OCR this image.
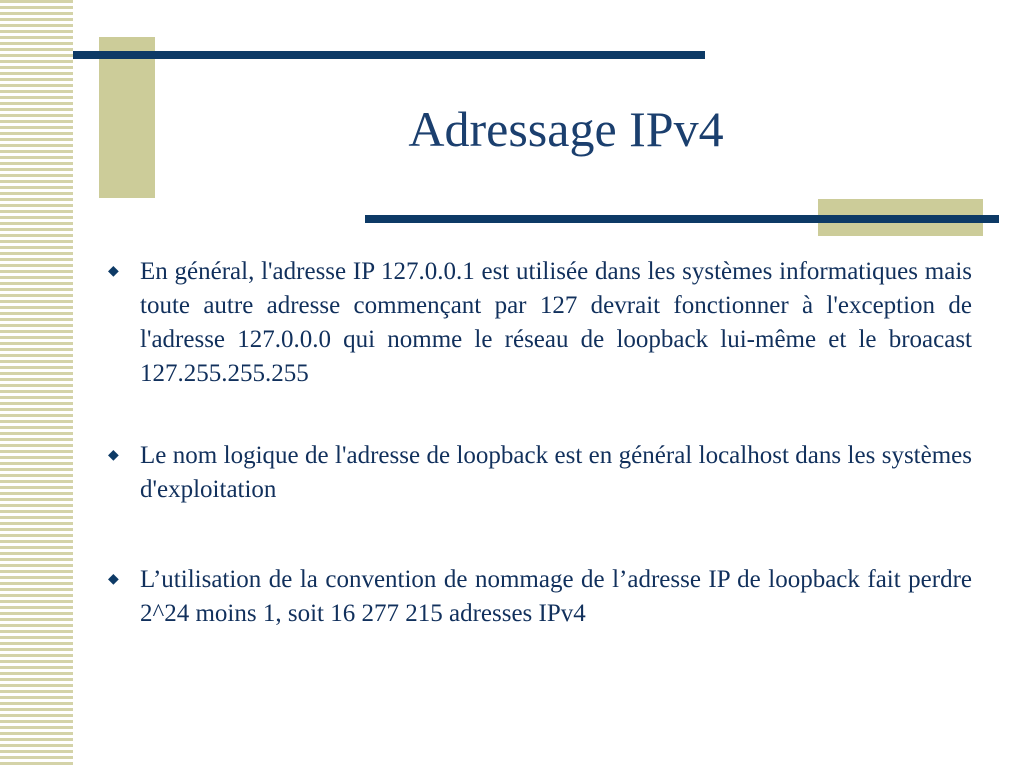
Adressage IPv4
◆ En général, l'adresse IP 127.0.0.1 est utilisée dans les systèmes informatiques mais toute autre adresse commençant par 127 devrait fonctionner à l'exception de l'adresse 127.0.0.0 qui nomme le réseau de loopback lui-même et le broacast 127.255.255.255
◆ Le nom logique de l'adresse de loopback est en général localhost dans les systèmes d'exploitation
◆ L’utilisation de la convention de nommage de l’adresse IP de loopback fait perdre 2^24 moins 1, soit 16 277 215 adresses IPv4
